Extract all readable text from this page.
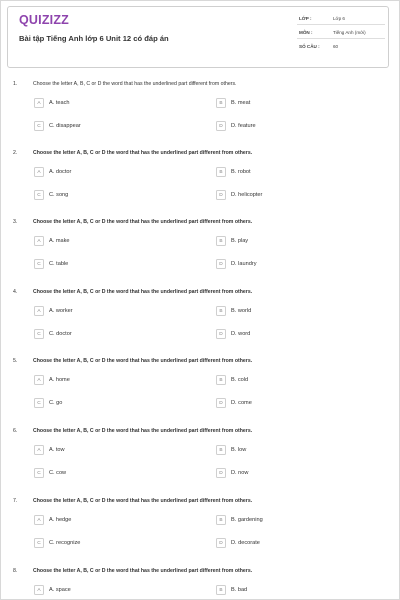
QUIZIZZ
Bài tập Tiếng Anh lớp 6 Unit 12 có đáp án
LỚP :	Lớp 6
MÔN :	Tiếng Anh (mới)
SỐ CÂU :	60
1.	Choose the letter A, B, C or D the word that has the underlined part different from others.
A	A. teach	B	B. meat
C	C. disappear	D	D. feature
2.	Choose the letter A, B, C or D the word that has the underlined part different from others.
A	A. doctor	B	B. robot
C	C. song	D	D. helicopter
3.	Choose the letter A, B, C or D the word that has the underlined part different from others.
A	A. make	B	B. play
C	C. table	D	D. laundry
4.	Choose the letter A, B, C or D the word that has the underlined part different from others.
A	A. worker	B	B. world
C	C. doctor	D	D. word
5.	Choose the letter A, B, C or D the word that has the underlined part different from others.
A	A. home	B	B. cold
C	C. go	D	D. come
6.	Choose the letter A, B, C or D the word that has the underlined part different from others.
A	A. tow	B	B. low
C	C. cow	D	D. now
7.	Choose the letter A, B, C or D the word that has the underlined part different from others.
A	A. hedge	B	B. gardening
C	C. recognize	D	D. decorate
8.	Choose the letter A, B, C or D the word that has the underlined part different from others.
A	A. space	B	B. bad
